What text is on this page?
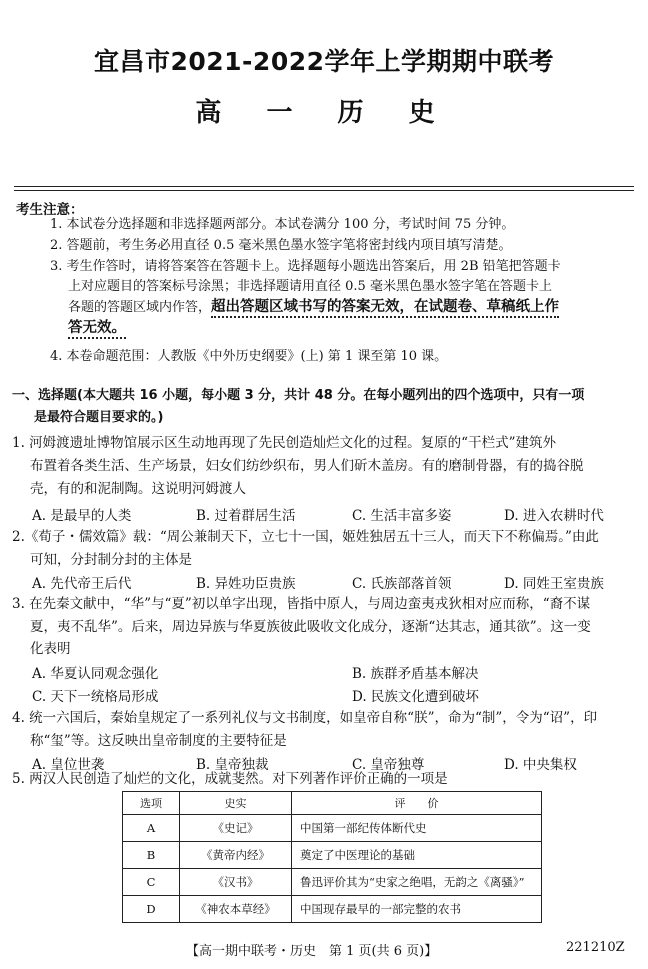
宜昌市2021-2022学年上学期期中联考
高 一 历 史
考生注意：
1. 本试卷分选择题和非选择题两部分。本试卷满分 100 分，考试时间 75 分钟。
2. 答题前，考生务必用直径 0.5 毫米黑色墨水签字笔将密封线内项目填写清楚。
3. 考生作答时，请将答案答在答题卡上。选择题每小题选出答案后，用 2B 铅笔把答题卡
上对应题目的答案标号涂黑；非选择题请用直径 0.5 毫米黑色墨水签字笔在答题卡上
各题的答题区域内作答，超出答题区域书写的答案无效，在试题卷、草稿纸上作
答无效。
4. 本卷命题范围：人教版《中外历史纲要》(上) 第 1 课至第 10 课。
一、选择题(本大题共 16 小题，每小题 3 分，共计 48 分。在每小题列出的四个选项中，只有一项
是最符合题目要求的。)
1. 河姆渡遗址博物馆展示区生动地再现了先民创造灿烂文化的过程。复原的“干栏式”建筑外
布置着各类生活、生产场景，妇女们纺纱织布，男人们斫木盖房。有的磨制骨器，有的捣谷脱
壳，有的和泥制陶。这说明河姆渡人
A. 是最早的人类	B. 过着群居生活	C. 生活丰富多姿	D. 进入农耕时代
2.《荀子・儒效篇》载：“周公兼制天下，立七十一国，姬姓独居五十三人，而天下不称偏焉。”由此
可知，分封制分封的主体是
A. 先代帝王后代	B. 异姓功臣贵族	C. 氏族部落首领	D. 同姓王室贵族
3. 在先秦文献中，“华”与“夏”初以单字出现，皆指中原人，与周边蛮夷戎狄相对应而称，“裔不谋
夏，夷不乱华”。后来，周边异族与华夏族彼此吸收文化成分，逐渐“达其志，通其欲”。这一变
化表明
A. 华夏认同观念强化	B. 族群矛盾基本解决
C. 天下一统格局形成	D. 民族文化遭到破坏
4. 统一六国后，秦始皇规定了一系列礼仪与文书制度，如皇帝自称“朕”，命为“制”，令为“诏”，印
称“玺”等。这反映出皇帝制度的主要特征是
A. 皇位世袭	B. 皇帝独裁	C. 皇帝独尊	D. 中央集权
5. 两汉人民创造了灿烂的文化，成就斐然。对下列著作评价正确的一项是
选项	史实	评　　价
A	《史记》	中国第一部纪传体断代史
B	《黄帝内经》	奠定了中医理论的基础
C	《汉书》	鲁迅评价其为“史家之绝唱，无韵之《离骚》”
D	《神农本草经》	中国现存最早的一部完整的农书
【高一期中联考・历史　第 1 页(共 6 页)】	221210Z
